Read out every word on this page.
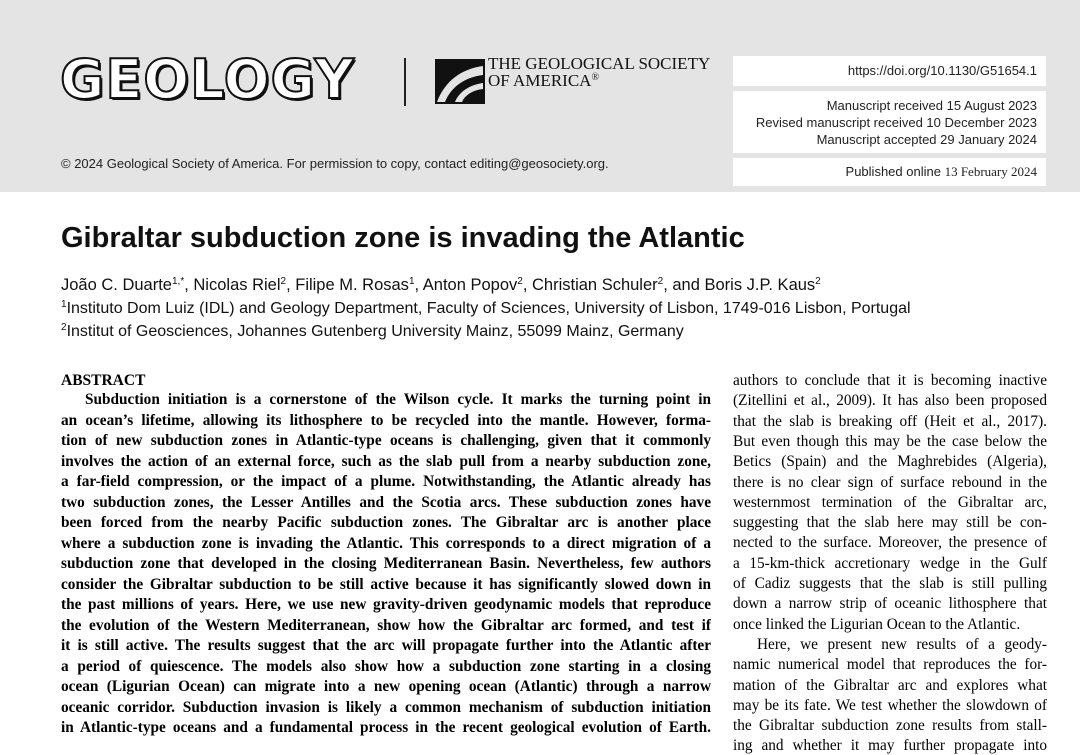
GEOLOGY	THE GEOLOGICAL SOCIETY
OF AMERICA®
© 2024 Geological Society of America. For permission to copy, contact editing@geosociety.org.
https://doi.org/10.1130/G51654.1
Manuscript received 15 August 2023
Revised manuscript received 10 December 2023
Manuscript accepted 29 January 2024
Published online 13 February 2024
Gibraltar subduction zone is invading the Atlantic
João C. Duarte$^{1,*}$, Nicolas Riel$^2$, Filipe M. Rosas$^1$, Anton Popov$^2$, Christian Schuler$^2$, and Boris J.P. Kaus$^2$
$^1$Instituto Dom Luiz (IDL) and Geology Department, Faculty of Sciences, University of Lisbon, 1749-016 Lisbon, Portugal
$^2$Institut of Geosciences, Johannes Gutenberg University Mainz, 55099 Mainz, Germany
ABSTRACT
Subduction initiation is a cornerstone of the Wilson cycle. It marks the turning point in
an ocean’s lifetime, allowing its lithosphere to be recycled into the mantle. However, forma-
tion of new subduction zones in Atlantic-type oceans is challenging, given that it commonly
involves the action of an external force, such as the slab pull from a nearby subduction zone,
a far-field compression, or the impact of a plume. Notwithstanding, the Atlantic already has
two subduction zones, the Lesser Antilles and the Scotia arcs. These subduction zones have
been forced from the nearby Pacific subduction zones. The Gibraltar arc is another place
where a subduction zone is invading the Atlantic. This corresponds to a direct migration of a
subduction zone that developed in the closing Mediterranean Basin. Nevertheless, few authors
consider the Gibraltar subduction to be still active because it has significantly slowed down in
the past millions of years. Here, we use new gravity-driven geodynamic models that reproduce
the evolution of the Western Mediterranean, show how the Gibraltar arc formed, and test if
it is still active. The results suggest that the arc will propagate further into the Atlantic after
a period of quiescence. The models also show how a subduction zone starting in a closing
ocean (Ligurian Ocean) can migrate into a new opening ocean (Atlantic) through a narrow
oceanic corridor. Subduction invasion is likely a common mechanism of subduction initiation
in Atlantic-type oceans and a fundamental process in the recent geological evolution of Earth.
authors to conclude that it is becoming inactive
(Zitellini et al., 2009). It has also been proposed
that the slab is breaking off (Heit et al., 2017).
But even though this may be the case below the
Betics (Spain) and the Maghrebides (Algeria),
there is no clear sign of surface rebound in the
westernmost termination of the Gibraltar arc,
suggesting that the slab here may still be con-
nected to the surface. Moreover, the presence of
a 15-km-thick accretionary wedge in the Gulf
of Cadiz suggests that the slab is still pulling
down a narrow strip of oceanic lithosphere that
once linked the Ligurian Ocean to the Atlantic.
Here, we present new results of a geody-
namic numerical model that reproduces the for-
mation of the Gibraltar arc and explores what
may be its fate. We test whether the slowdown of
the Gibraltar subduction zone results from stall-
ing and whether it may further propagate into
